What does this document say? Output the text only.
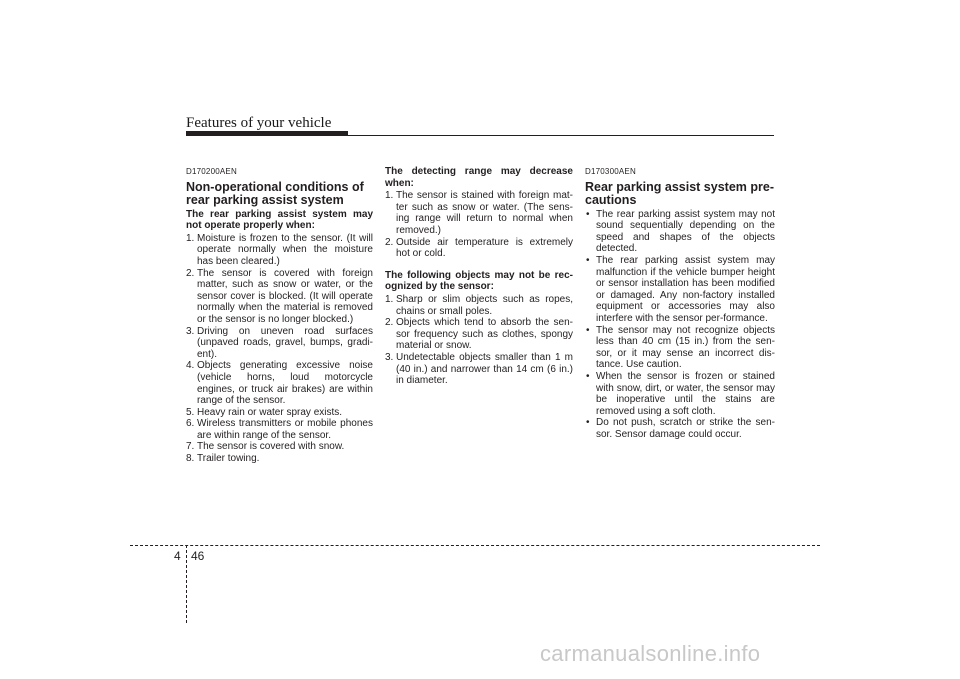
Features of your vehicle
D170200AEN
Non-operational conditions of
rear parking assist system
The rear parking assist system may not operate properly when:
1. Moisture is frozen to the sensor. (It will operate normally when the moisture has been cleared.)
2. The sensor is covered with foreign matter, such as snow or water, or the sensor cover is blocked. (It will operate normally when the material is removed or the sensor is no longer blocked.)
3. Driving on uneven road surfaces (unpaved roads, gravel, bumps, gradi-ent).
4. Objects generating excessive noise (vehicle horns, loud motorcycle engines, or truck air brakes) are within range of the sensor.
5. Heavy rain or water spray exists.
6. Wireless transmitters or mobile phones are within range of the sensor.
7. The sensor is covered with snow.
8. Trailer towing.
The detecting range may decrease when:
1. The sensor is stained with foreign mat-ter such as snow or water. (The sens-ing range will return to normal when removed.)
2. Outside air temperature is extremely hot or cold.
The following objects may not be rec-ognized by the sensor:
1. Sharp or slim objects such as ropes, chains or small poles.
2. Objects which tend to absorb the sen-sor frequency such as clothes, spongy material or snow.
3. Undetectable objects smaller than 1 m (40 in.) and narrower than 14 cm (6 in.) in diameter.
D170300AEN
Rear parking assist system pre-
cautions
• The rear parking assist system may not sound sequentially depending on the speed and shapes of the objects detected.
• The rear parking assist system may malfunction if the vehicle bumper height or sensor installation has been modified or damaged. Any non-factory installed equipment or accessories may also interfere with the sensor per-formance.
• The sensor may not recognize objects less than 40 cm (15 in.) from the sen-sor, or it may sense an incorrect dis-tance. Use caution.
• When the sensor is frozen or stained with snow, dirt, or water, the sensor may be inoperative until the stains are removed using a soft cloth.
• Do not push, scratch or strike the sen-sor. Sensor damage could occur.
4 46
carmanualsonline.info
